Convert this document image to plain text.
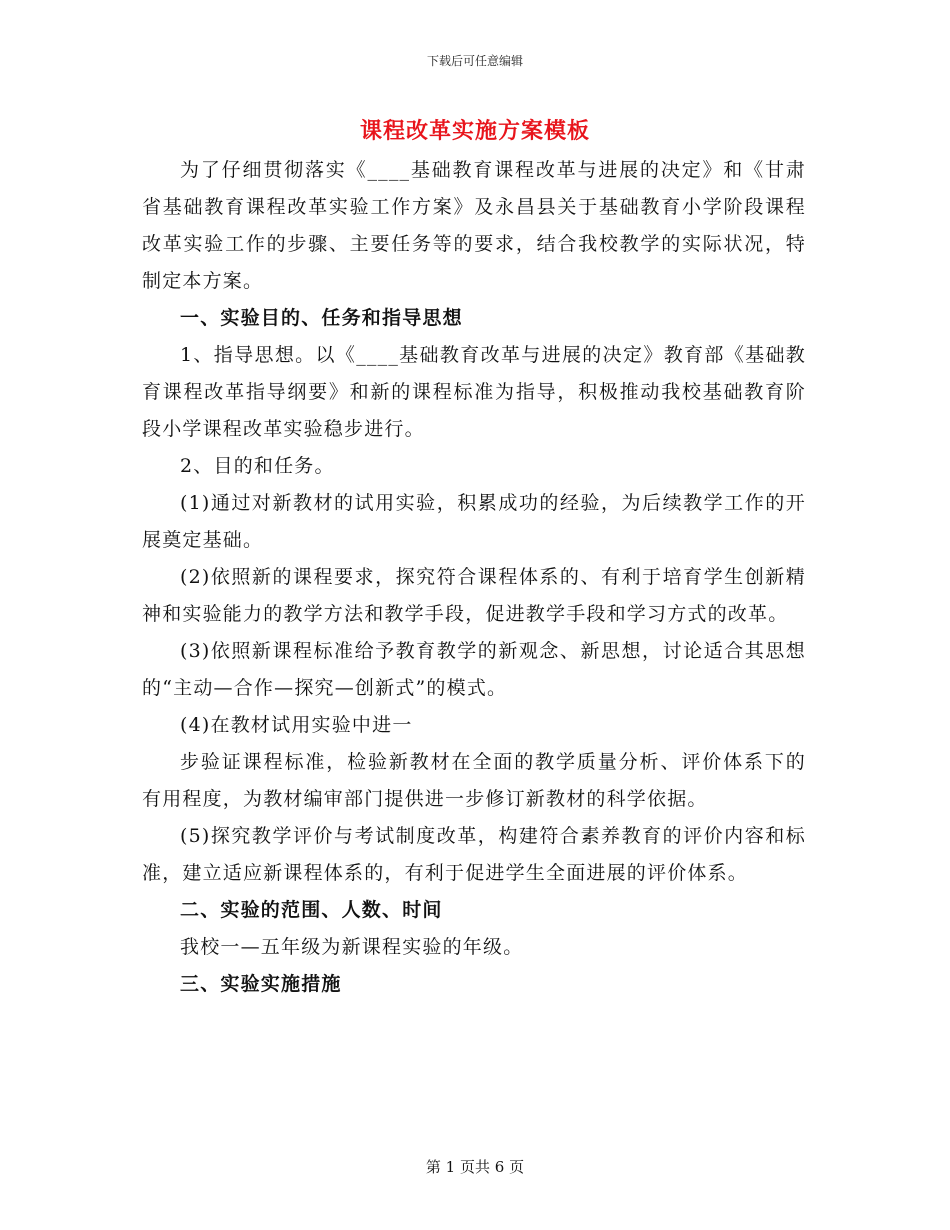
下载后可任意编辑
课程改革实施方案模板

为了仔细贯彻落实《____基础教育课程改革与进展的决定》和《甘肃省基础教育课程改革实验工作方案》及永昌县关于基础教育小学阶段课程改革实验工作的步骤、主要任务等的要求，结合我校教学的实际状况，特制定本方案。

一、实验目的、任务和指导思想

1、指导思想。以《____基础教育改革与进展的决定》教育部《基础教育课程改革指导纲要》和新的课程标准为指导，积极推动我校基础教育阶段小学课程改革实验稳步进行。

2、目的和任务。

(1)通过对新教材的试用实验，积累成功的经验，为后续教学工作的开展奠定基础。

(2)依照新的课程要求，探究符合课程体系的、有利于培育学生创新精神和实验能力的教学方法和教学手段，促进教学手段和学习方式的改革。

(3)依照新课程标准给予教育教学的新观念、新思想，讨论适合其思想的“主动—合作—探究—创新式”的模式。

(4)在教材试用实验中进一

步验证课程标准，检验新教材在全面的教学质量分析、评价体系下的有用程度，为教材编审部门提供进一步修订新教材的科学依据。

(5)探究教学评价与考试制度改革，构建符合素养教育的评价内容和标准，建立适应新课程体系的，有利于促进学生全面进展的评价体系。

二、实验的范围、人数、时间

我校一—五年级为新课程实验的年级。

三、实验实施措施

第 1 页共 6 页
